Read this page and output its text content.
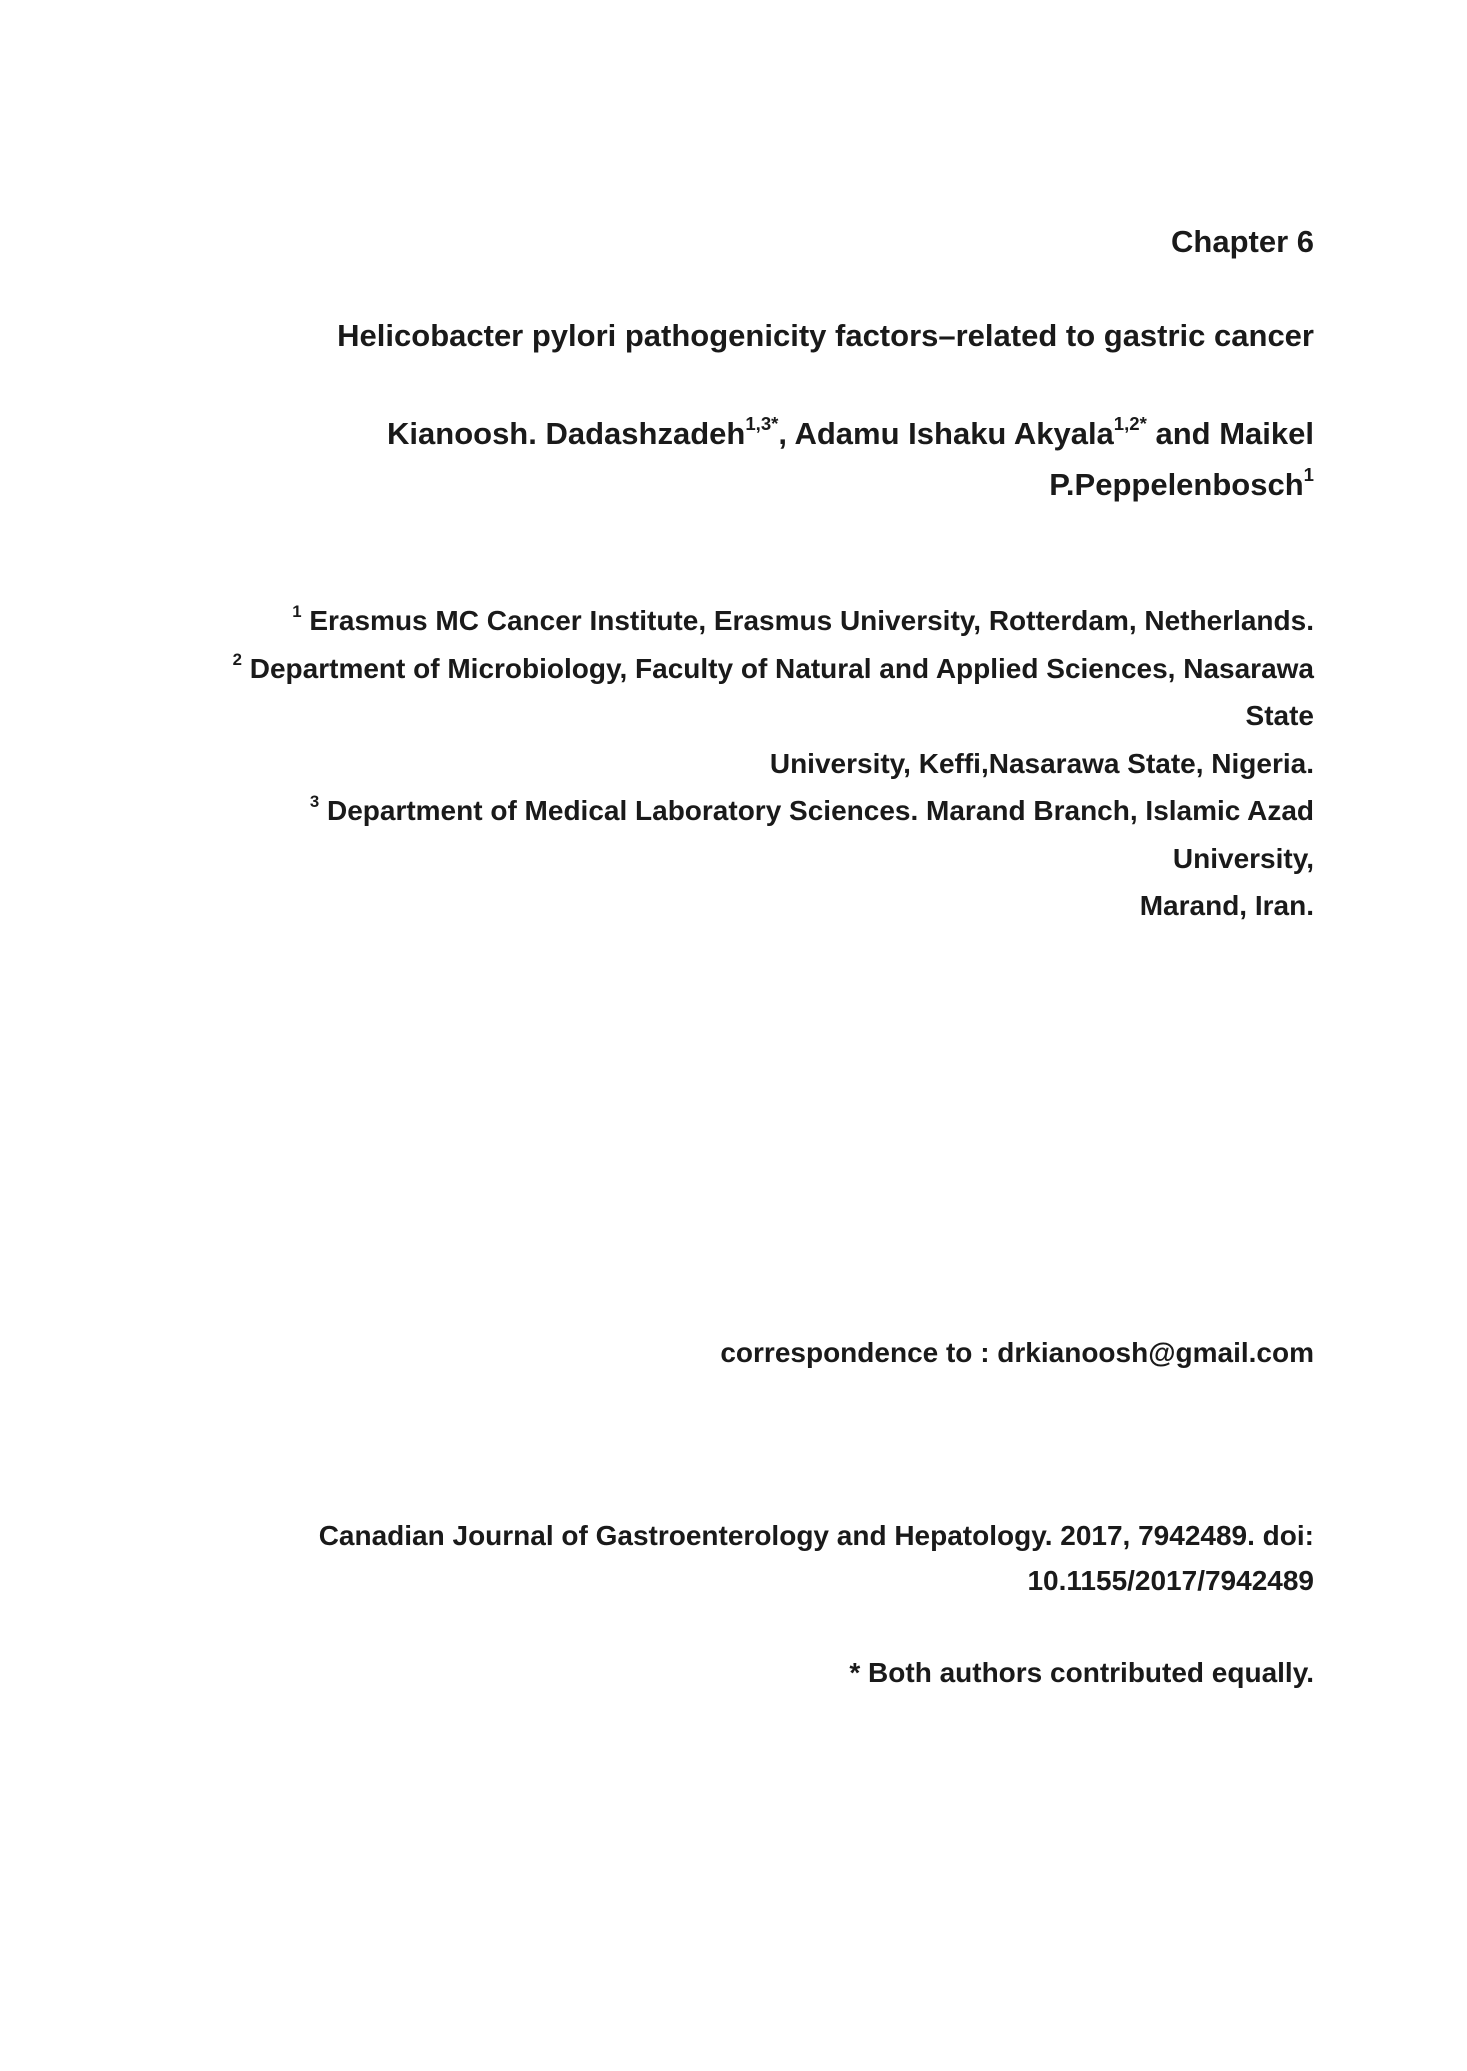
Chapter 6
Helicobacter pylori pathogenicity factors–related to gastric cancer
Kianoosh. Dadashzadeh$^{1,3*}$, Adamu Ishaku Akyala$^{1,2*}$ and Maikel
P.Peppelenbosch$^1$
$^1$ Erasmus MC Cancer Institute, Erasmus University, Rotterdam, Netherlands.
$^2$ Department of Microbiology, Faculty of Natural and Applied Sciences, Nasarawa
State
University, Keffi,Nasarawa State, Nigeria.
$^3$ Department of Medical Laboratory Sciences. Marand Branch, Islamic Azad
University,
Marand, Iran.
correspondence to : drkianoosh@gmail.com
Canadian Journal of Gastroenterology and Hepatology. 2017, 7942489. doi:
10.1155/2017/7942489
* Both authors contributed equally.
